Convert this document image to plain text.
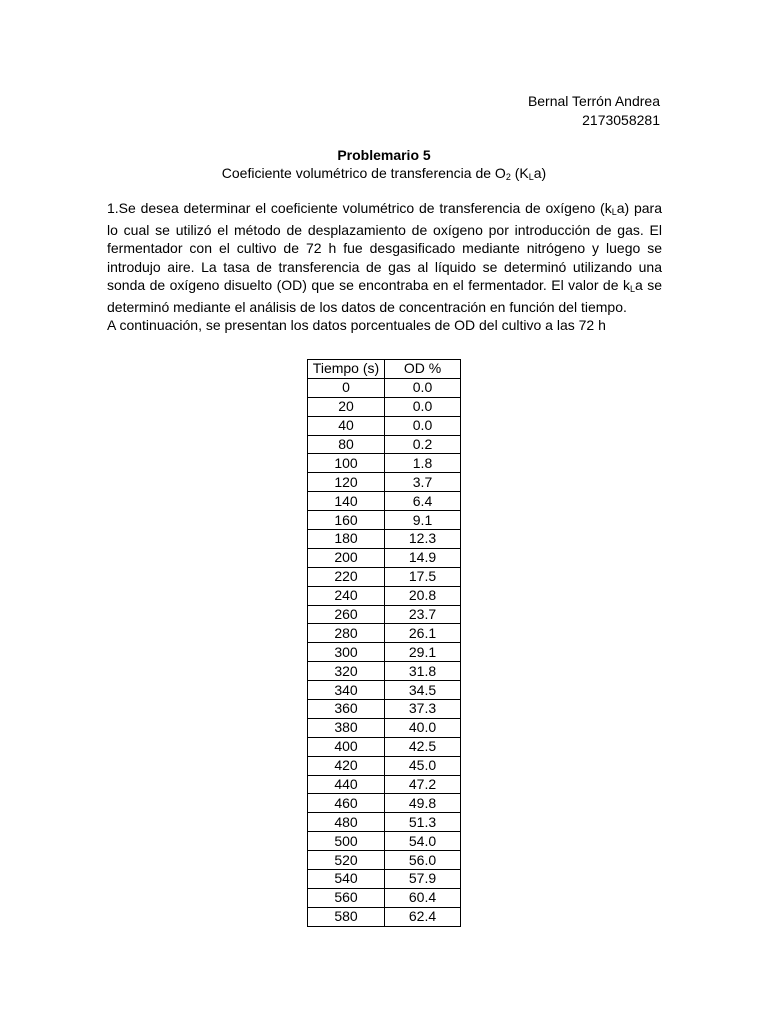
Bernal Terrón Andrea
2173058281
Problemario 5
Coeficiente volumétrico de transferencia de $O_2$ $(K_La)$

1.Se desea determinar el coeficiente volumétrico de transferencia de oxígeno $(k_La)$ para lo cual se utilizó el método de desplazamiento de oxígeno por introducción de gas. El fermentador con el cultivo de 72 h fue desgasificado mediante nitrógeno y luego se introdujo aire. La tasa de transferencia de gas al líquido se determinó utilizando una sonda de oxígeno disuelto (OD) que se encontraba en el fermentador. El valor de $k_La$ se determinó mediante el análisis de los datos de concentración en función del tiempo.

A continuación, se presentan los datos porcentuales de OD del cultivo a las 72 h

Tiempo (s)	OD %
0	0.0
20	0.0
40	0.0
80	0.2
100	1.8
120	3.7
140	6.4
160	9.1
180	12.3
200	14.9
220	17.5
240	20.8
260	23.7
280	26.1
300	29.1
320	31.8
340	34.5
360	37.3
380	40.0
400	42.5
420	45.0
440	47.2
460	49.8
480	51.3
500	54.0
520	56.0
540	57.9
560	60.4
580	62.4
